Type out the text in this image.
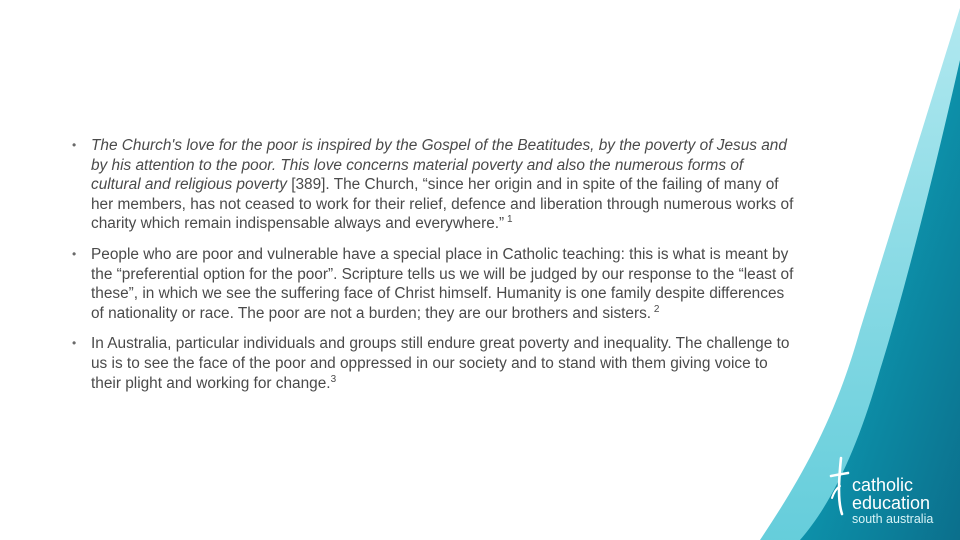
• The Church's love for the poor is inspired by the Gospel of the Beatitudes, by the poverty of Jesus and by his attention to the poor. This love concerns material poverty and also the numerous forms of cultural and religious poverty [389]. The Church, “since her origin and in spite of the failing of many of her members, has not ceased to work for their relief, defence and liberation through numerous works of charity which remain indispensable always and everywhere.” $^1$
• People who are poor and vulnerable have a special place in Catholic teaching: this is what is meant by the “preferential option for the poor”. Scripture tells us we will be judged by our response to the “least of these”, in which we see the suffering face of Christ himself. Humanity is one family despite differences of nationality or race. The poor are not a burden; they are our brothers and sisters. $^2$
• In Australia, particular individuals and groups still endure great poverty and inequality. The challenge to us is to see the face of the poor and oppressed in our society and to stand with them giving voice to their plight and working for change.$^3$
catholic
education
south australia
